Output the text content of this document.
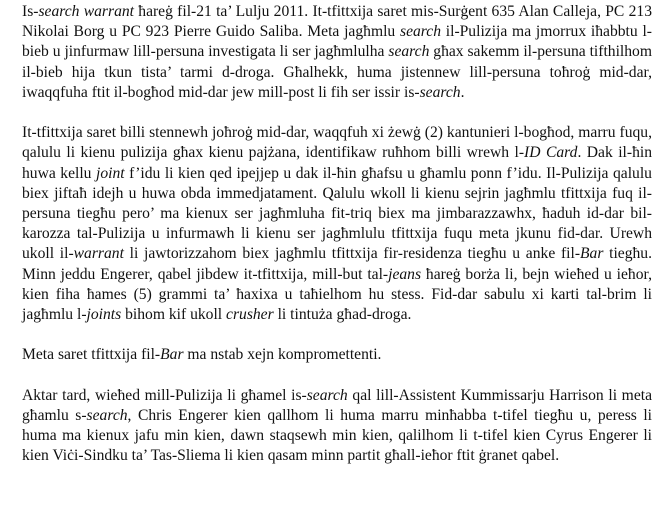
Is-search warrant ħareġ fil-21 ta’ Lulju 2011. It-tfittxija saret mis-Surġent 635 Alan Calleja, PC 213 Nikolai Borg u PC 923 Pierre Guido Saliba. Meta jagħmlu search il-Pulizija ma jmorrux iħabbtu l-bieb u jinfurmaw lill-persuna investigata li ser jagħmlulha search għax sakemm il-persuna tifthilhom il-bieb hija tkun tista’ tarmi d-droga. Għalhekk, huma jistennew lill-persuna toħroġ mid-dar, iwaqqfuha ftit il-bogħod mid-dar jew mill-post li fih ser issir is-search.

It-tfittxija saret billi stennewh joħroġ mid-dar, waqqfuh xi żewġ (2) kantunieri l-bogħod, marru fuqu, qalulu li kienu pulizija għax kienu pajżana, identifikaw ruħhom billi wrewh l-ID Card. Dak il-ħin huwa kellu joint f’idu li kien qed ipejjep u dak il-ħin għafsu u għamlu ponn f’idu. Il-Pulizija qalulu biex jiftaħ idejh u huwa obda immedjatament. Qalulu wkoll li kienu sejrin jagħmlu tfittxija fuq il-persuna tiegħu pero’ ma kienux ser jagħmluha fit-triq biex ma jimbarazzawhx, ħaduh id-dar bil-karozza tal-Pulizija u infurmawh li kienu ser jagħmlulu tfittxija fuqu meta jkunu fid-dar. Urewh ukoll il-warrant li jawtorizzahom biex jagħmlu tfittxija fir-residenza tiegħu u anke fil-Bar tiegħu. Minn jeddu Engerer, qabel jibdew it-tfittxija, mill-but tal-jeans ħareġ borża li, bejn wieħed u ieħor, kien fiha ħames (5) grammi ta’ ħaxixa u taħielhom hu stess. Fid-dar sabulu xi karti tal-brim li jagħmlu l-joints bihom kif ukoll crusher li tintuża għad-droga.

Meta saret tfittxija fil-Bar ma nstab xejn kompromettenti.

Aktar tard, wieħed mill-Pulizija li għamel is-search qal lill-Assistent Kummissarju Harrison li meta għamlu s-search, Chris Engerer kien qallhom li huma marru minħabba t-tifel tiegħu u, peress li huma ma kienux jafu min kien, dawn staqsewh min kien, qalilhom li t-tifel kien Cyrus Engerer li kien Viċi-Sindku ta’ Tas-Sliema li kien qasam minn partit għall-ieħor ftit ġranet qabel.
